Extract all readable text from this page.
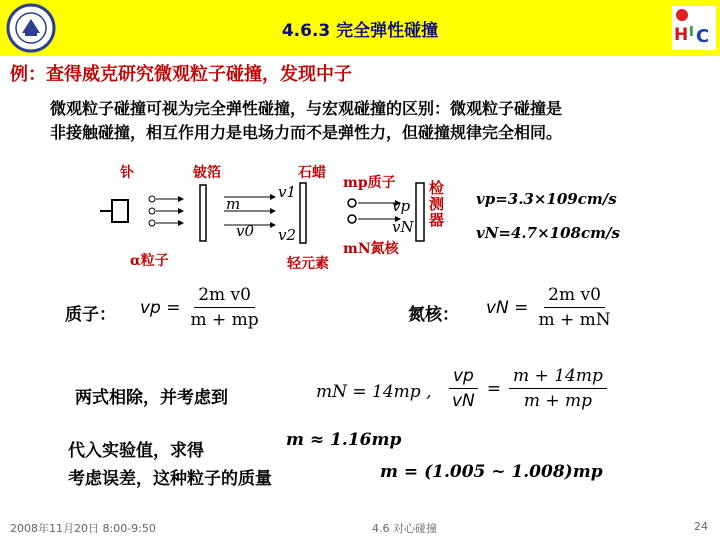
4.6.3 完全弹性碰撞	H I C
例：查得威克研究微观粒子碰撞，发现中子
微观粒子碰撞可视为完全弹性碰撞，与宏观碰撞的区别：微观粒子碰撞是
非接触碰撞，相互作用力是电场力而不是弹性力，但碰撞规律完全相同。
钋	铍箔	石蜡
α粒子	轻元素
mp质子
mN氮核
检测器
m
v0
v1
v2
vp
vN
vp=3.3×109cm/s
vN=4.7×108cm/s
质子： vp = $\frac{\text{2m v0}}{m + mp}$	氮核： vN = $\frac{\text{2m v0}}{m + mN}$
两式相除，并考虑到	mN = 14mp , $\frac{vp}{vN} = \frac{m + 14mp}{m + mp}$
代入实验值，求得
m ≈ 1.16mp
考虑误差，这种粒子的质量	m = (1.005 ~ 1.008)mp
2008年11月20日 8:00-9:50	4.6 对心碰撞	24
